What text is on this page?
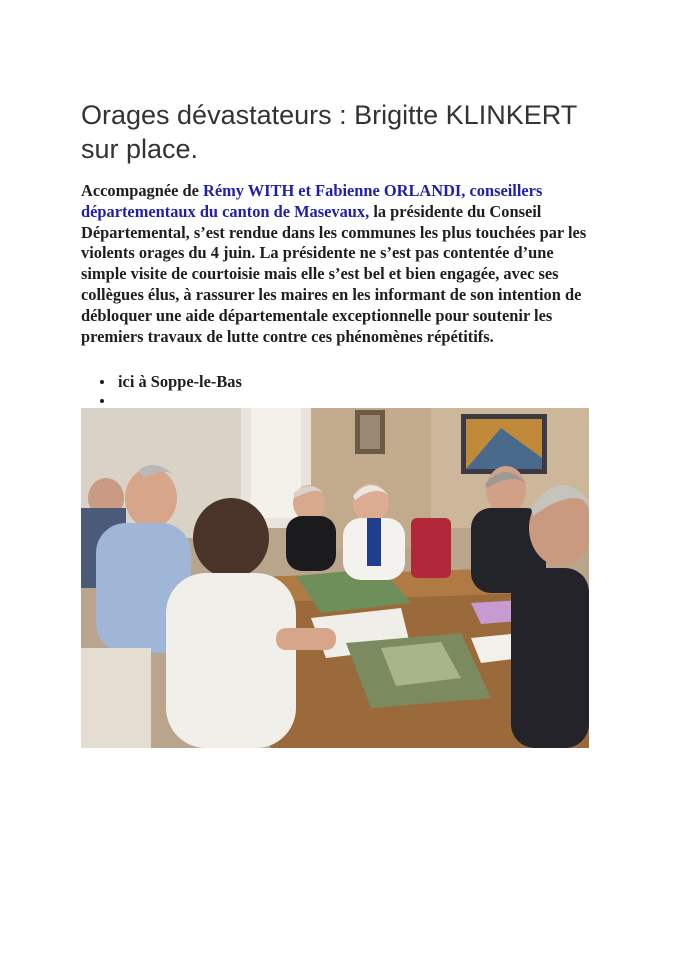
Orages dévastateurs : Brigitte KLINKERT sur place.

Accompagnée de Rémy WITH et Fabienne ORLANDI, conseillers départementaux du canton de Masevaux, la présidente du Conseil Départemental, s’est rendue dans les communes les plus touchées par les violents orages du 4 juin. La présidente ne s’est pas contentée d’une simple visite de courtoisie mais elle s’est bel et bien engagée, avec ses collègues élus, à rassurer les maires en les informant de son intention de débloquer une aide départementale exceptionnelle pour soutenir les premiers travaux de lutte contre ces phénomènes répétitifs.

ici à Soppe-le-Bas
